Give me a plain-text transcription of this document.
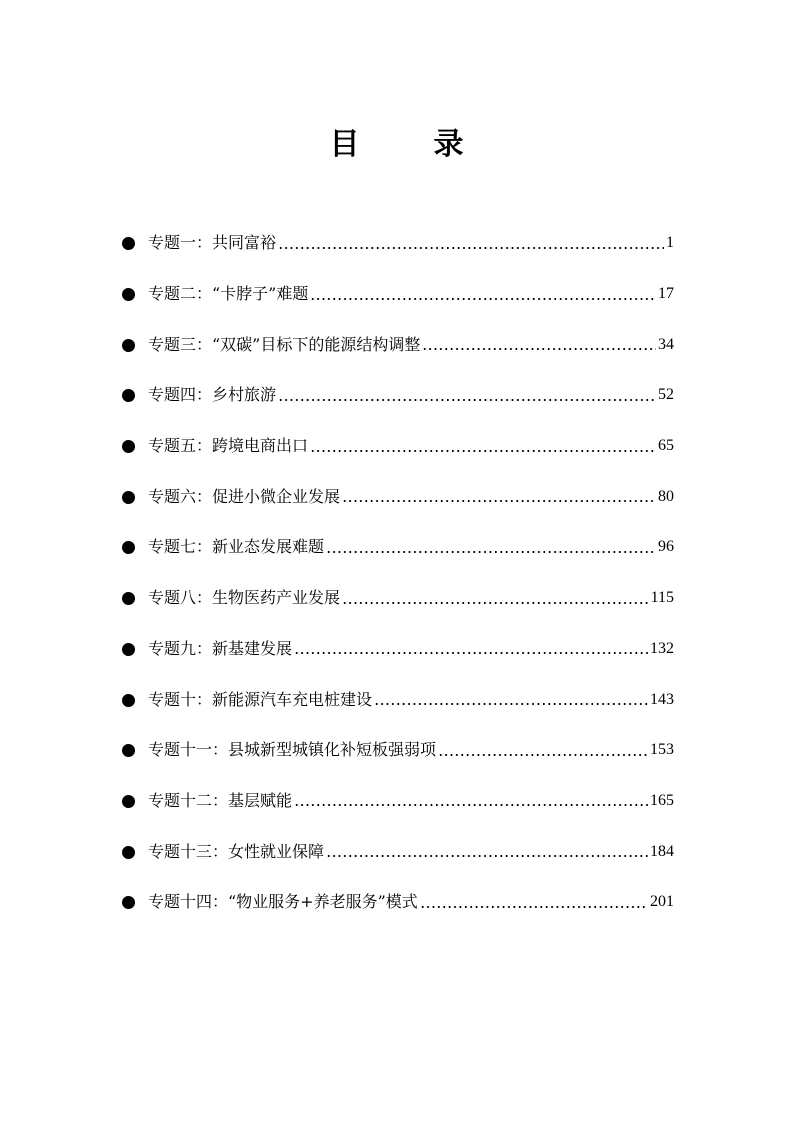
目　录
专题一：共同富裕	1
专题二：“卡脖子”难题	17
专题三：“双碳”目标下的能源结构调整	34
专题四：乡村旅游	52
专题五：跨境电商出口	65
专题六：促进小微企业发展	80
专题七：新业态发展难题	96
专题八：生物医药产业发展	115
专题九：新基建发展	132
专题十：新能源汽车充电桩建设	143
专题十一：县城新型城镇化补短板强弱项	153
专题十二：基层赋能	165
专题十三：女性就业保障	184
专题十四：“物业服务+养老服务”模式	201
